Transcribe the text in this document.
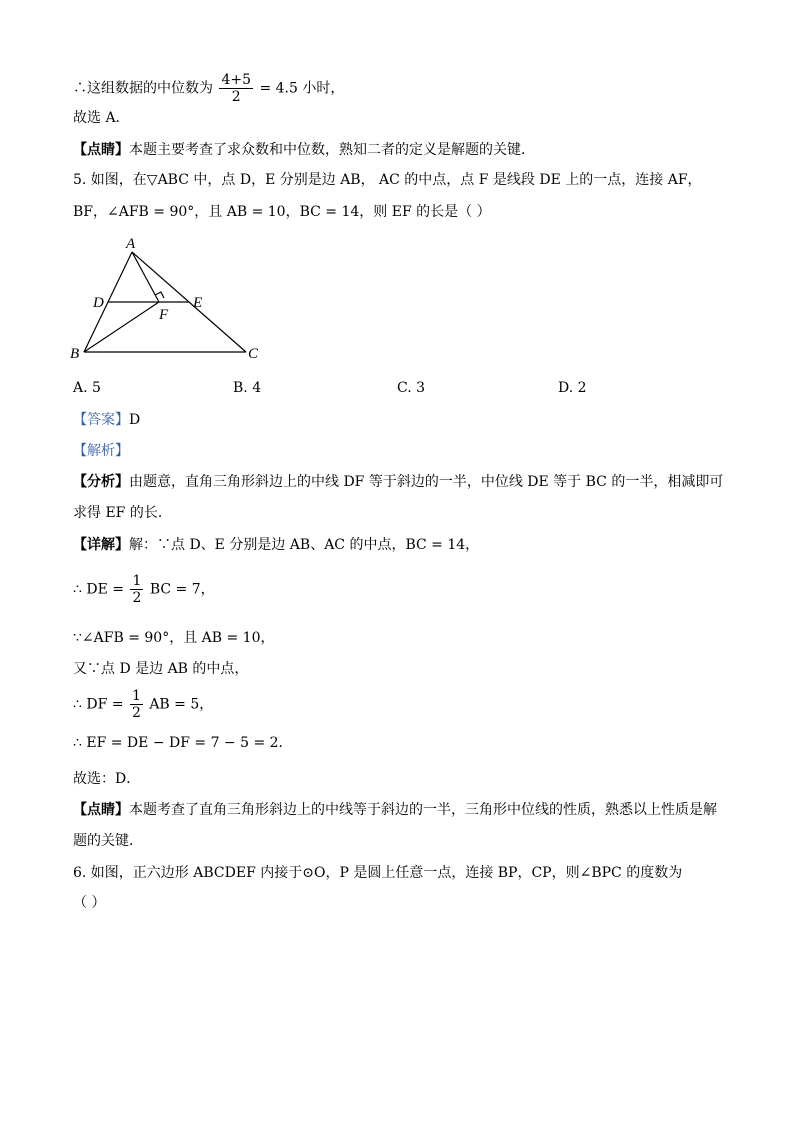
∴这组数据的中位数为 $\frac{4+5}{2} = 4.5$ 小时，
故选 A．
【点睛】本题主要考查了求众数和中位数，熟知二者的定义是解题的关键．
5. 如图，在▽ABC 中，点 D，E 分别是边 AB， AC 的中点，点 F 是线段 DE 上的一点，连接 AF，
BF，∠AFB = 90°，且 AB = 10，BC = 14，则 EF 的长是（ ）
A
B	C
D	E
F
A. 5	B. 4	C. 3	D. 2
【答案】D
【解析】
【分析】由题意，直角三角形斜边上的中线 DF 等于斜边的一半，中位线 DE 等于 BC 的一半，相减即可
求得 EF 的长．
【详解】解：∵点 D、E 分别是边 AB、AC 的中点，BC = 14，
∴ DE = $\frac{1}{2}$ BC = 7，
∵∠AFB = 90°，且 AB = 10，
又∵点 D 是边 AB 的中点，
∴ DF = $\frac{1}{2}$ AB = 5，
∴ EF = DE − DF = 7 − 5 = 2．
故选：D．
【点睛】本题考查了直角三角形斜边上的中线等于斜边的一半，三角形中位线的性质，熟悉以上性质是解
题的关键．
6. 如图，正六边形 ABCDEF 内接于⊙O，P 是圆上任意一点，连接 BP，CP，则∠BPC 的度数为
（ ）
